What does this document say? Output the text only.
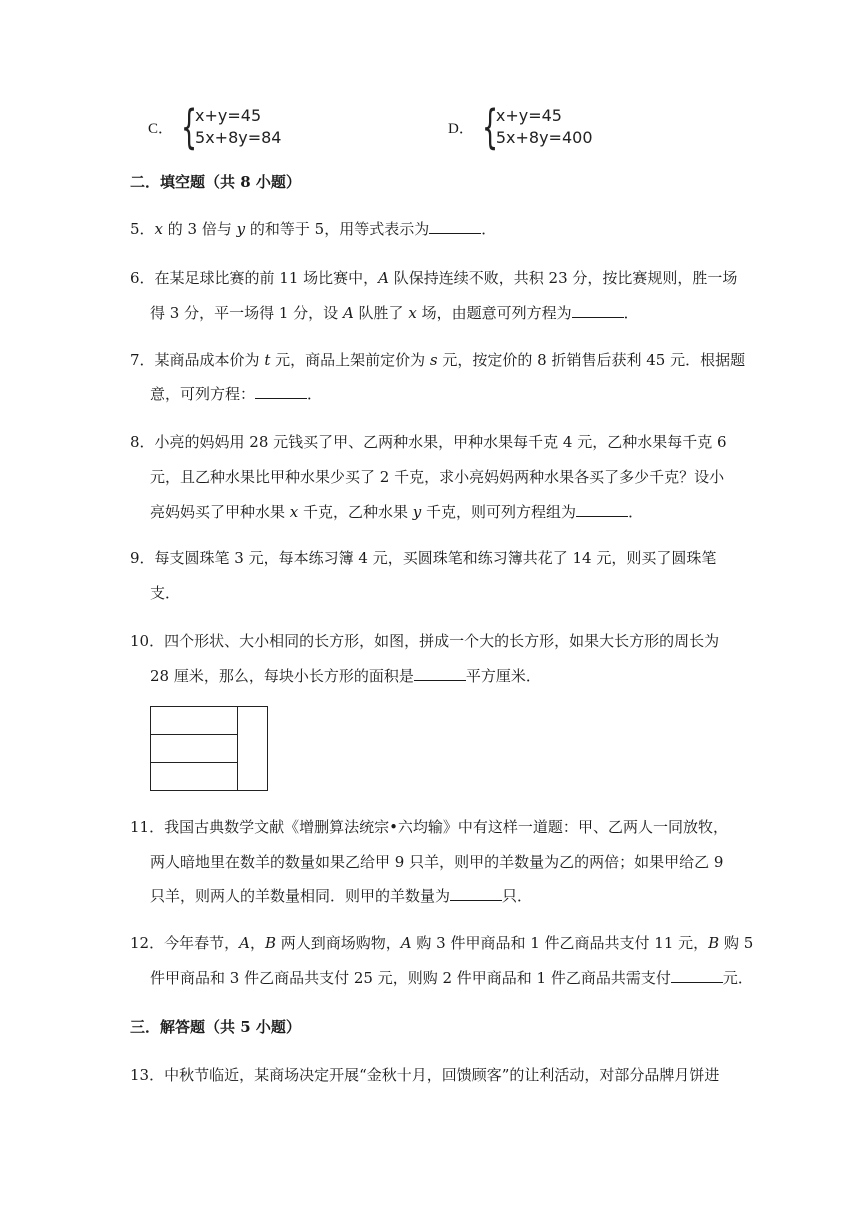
C． {
x+y=45
5x+8y=84	D． {
x+y=45
5x+8y=400
二．填空题（共 8 小题）
5．x 的 3 倍与 y 的和等于 5，用等式表示为	．
6．在某足球比赛的前 11 场比赛中，A 队保持连续不败，共积 23 分，按比赛规则，胜一场
得 3 分，平一场得 1 分，设 A 队胜了 x 场，由题意可列方程为	．
7．某商品成本价为 t 元，商品上架前定价为 s 元，按定价的 8 折销售后获利 45 元．根据题
意，可列方程：	．
8．小亮的妈妈用 28 元钱买了甲、乙两种水果，甲种水果每千克 4 元，乙种水果每千克 6
元，且乙种水果比甲种水果少买了 2 千克，求小亮妈妈两种水果各买了多少千克？设小
亮妈妈买了甲种水果 x 千克，乙种水果 y 千克，则可列方程组为	．
9．每支圆珠笔 3 元，每本练习簿 4 元，买圆珠笔和练习簿共花了 14 元，则买了圆珠笔
支．
10．四个形状、大小相同的长方形，如图，拼成一个大的长方形，如果大长方形的周长为
28 厘米，那么，每块小长方形的面积是	平方厘米．
11．我国古典数学文献《增删算法统宗•六均输》中有这样一道题：甲、乙两人一同放牧，
两人暗地里在数羊的数量如果乙给甲 9 只羊，则甲的羊数量为乙的两倍；如果甲给乙 9
只羊，则两人的羊数量相同．则甲的羊数量为	只．
12．今年春节，A，B 两人到商场购物，A 购 3 件甲商品和 1 件乙商品共支付 11 元，B 购 5
件甲商品和 3 件乙商品共支付 25 元，则购 2 件甲商品和 1 件乙商品共需支付	元．
三．解答题（共 5 小题）
13．中秋节临近，某商场决定开展“金秋十月，回馈顾客”的让利活动，对部分品牌月饼进
